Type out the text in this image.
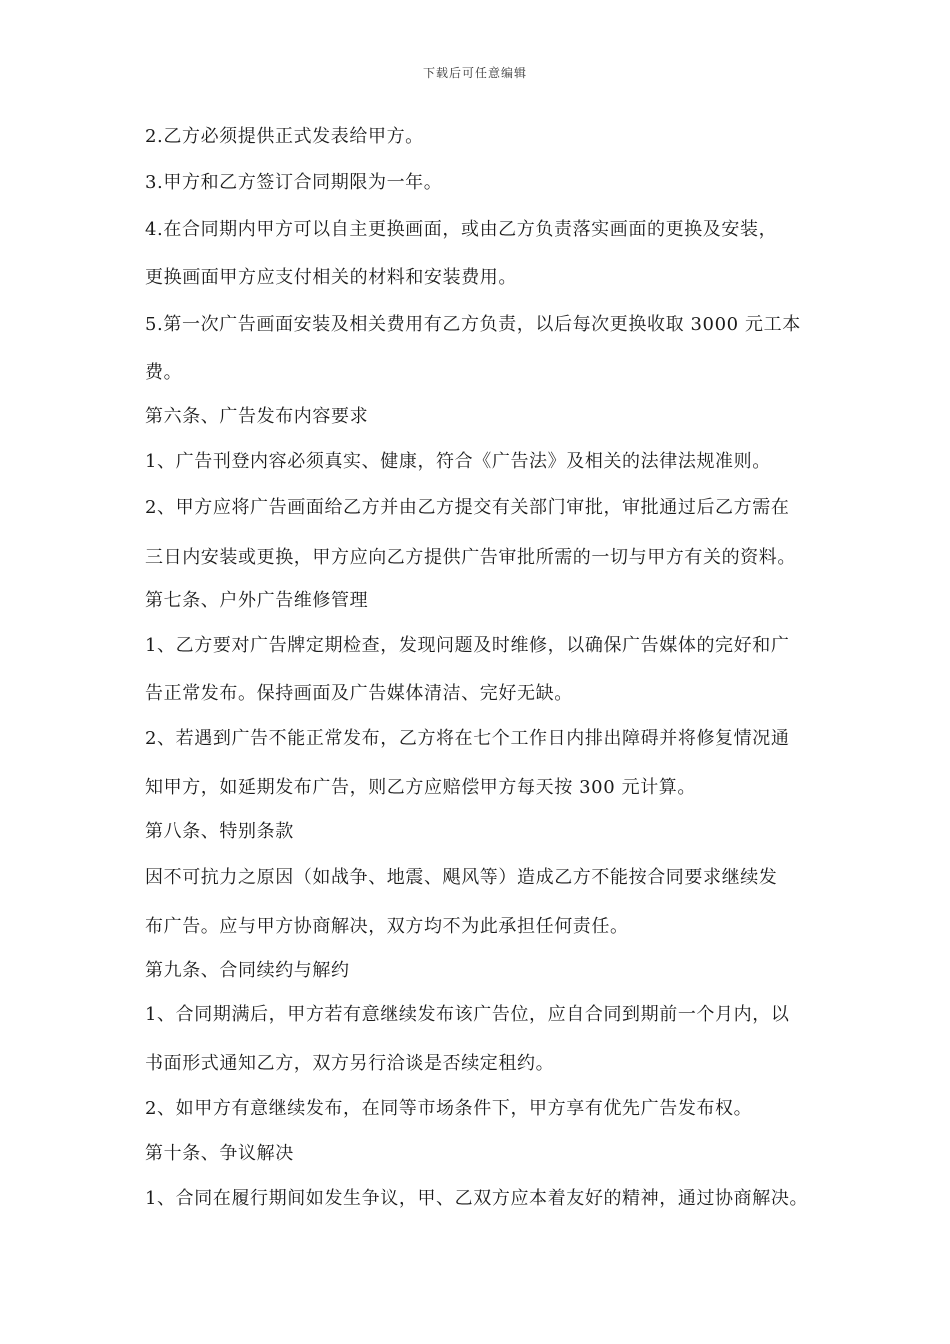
下载后可任意编辑
2.乙方必须提供正式发表给甲方。
3.甲方和乙方签订合同期限为一年。
4.在合同期内甲方可以自主更换画面，或由乙方负责落实画面的更换及安装，
更换画面甲方应支付相关的材料和安装费用。
5.第一次广告画面安装及相关费用有乙方负责，以后每次更换收取 3000 元工本
费。
第六条、广告发布内容要求
1、广告刊登内容必须真实、健康，符合《广告法》及相关的法律法规准则。
2、甲方应将广告画面给乙方并由乙方提交有关部门审批，审批通过后乙方需在
三日内安装或更换，甲方应向乙方提供广告审批所需的一切与甲方有关的资料。
第七条、户外广告维修管理
1、乙方要对广告牌定期检查，发现问题及时维修，以确保广告媒体的完好和广
告正常发布。保持画面及广告媒体清洁、完好无缺。
2、若遇到广告不能正常发布，乙方将在七个工作日内排出障碍并将修复情况通
知甲方，如延期发布广告，则乙方应赔偿甲方每天按 300 元计算。
第八条、特别条款
因不可抗力之原因（如战争、地震、飓风等）造成乙方不能按合同要求继续发
布广告。应与甲方协商解决，双方均不为此承担任何责任。
第九条、合同续约与解约
1、合同期满后，甲方若有意继续发布该广告位，应自合同到期前一个月内，以
书面形式通知乙方，双方另行洽谈是否续定租约。
2、如甲方有意继续发布，在同等市场条件下，甲方享有优先广告发布权。
第十条、争议解决
1、合同在履行期间如发生争议，甲、乙双方应本着友好的精神，通过协商解决。
